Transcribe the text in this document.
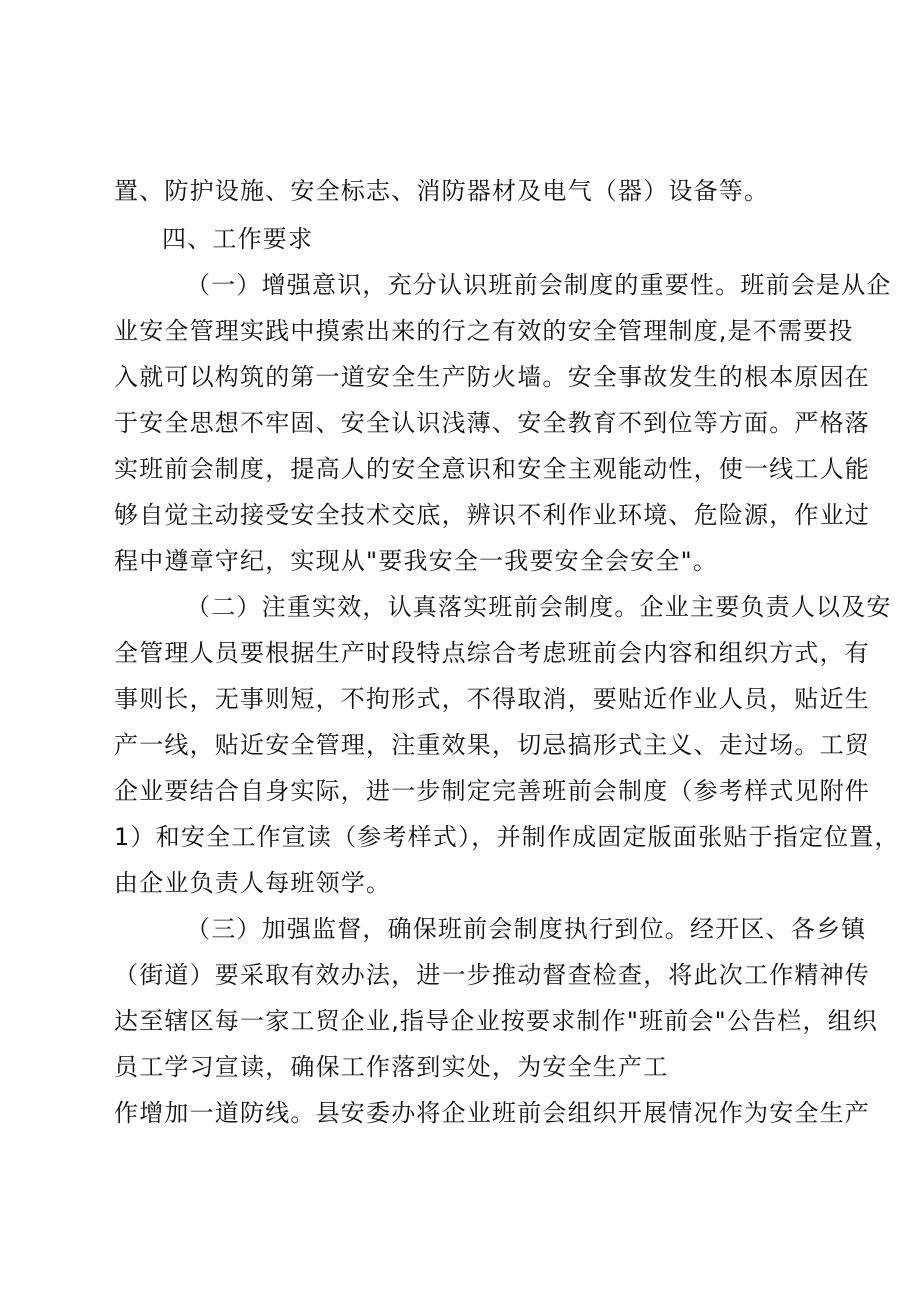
置、防护设施、安全标志、消防器材及电气（器）设备等。
四、工作要求
（一）增强意识，充分认识班前会制度的重要性。班前会是从企
业安全管理实践中摸索出来的行之有效的安全管理制度,是不需要投
入就可以构筑的第一道安全生产防火墙。安全事故发生的根本原因在
于安全思想不牢固、安全认识浅薄、安全教育不到位等方面。严格落
实班前会制度，提高人的安全意识和安全主观能动性，使一线工人能
够自觉主动接受安全技术交底，辨识不利作业环境、危险源，作业过
程中遵章守纪，实现从"要我安全一我要安全会安全"。
（二）注重实效，认真落实班前会制度。企业主要负责人以及安
全管理人员要根据生产时段特点综合考虑班前会内容和组织方式，有
事则长，无事则短，不拘形式，不得取消，要贴近作业人员，贴近生
产一线，贴近安全管理，注重效果，切忌搞形式主义、走过场。工贸
企业要结合自身实际，进一步制定完善班前会制度（参考样式见附件
1）和安全工作宣读（参考样式），并制作成固定版面张贴于指定位置，
由企业负责人每班领学。
（三）加强监督，确保班前会制度执行到位。经开区、各乡镇
（街道）要采取有效办法，进一步推动督查检查，将此次工作精神传
达至辖区每一家工贸企业,指导企业按要求制作"班前会"公告栏，组织
员工学习宣读，确保工作落到实处，为安全生产工
作增加一道防线。县安委办将企业班前会组织开展情况作为安全生产
